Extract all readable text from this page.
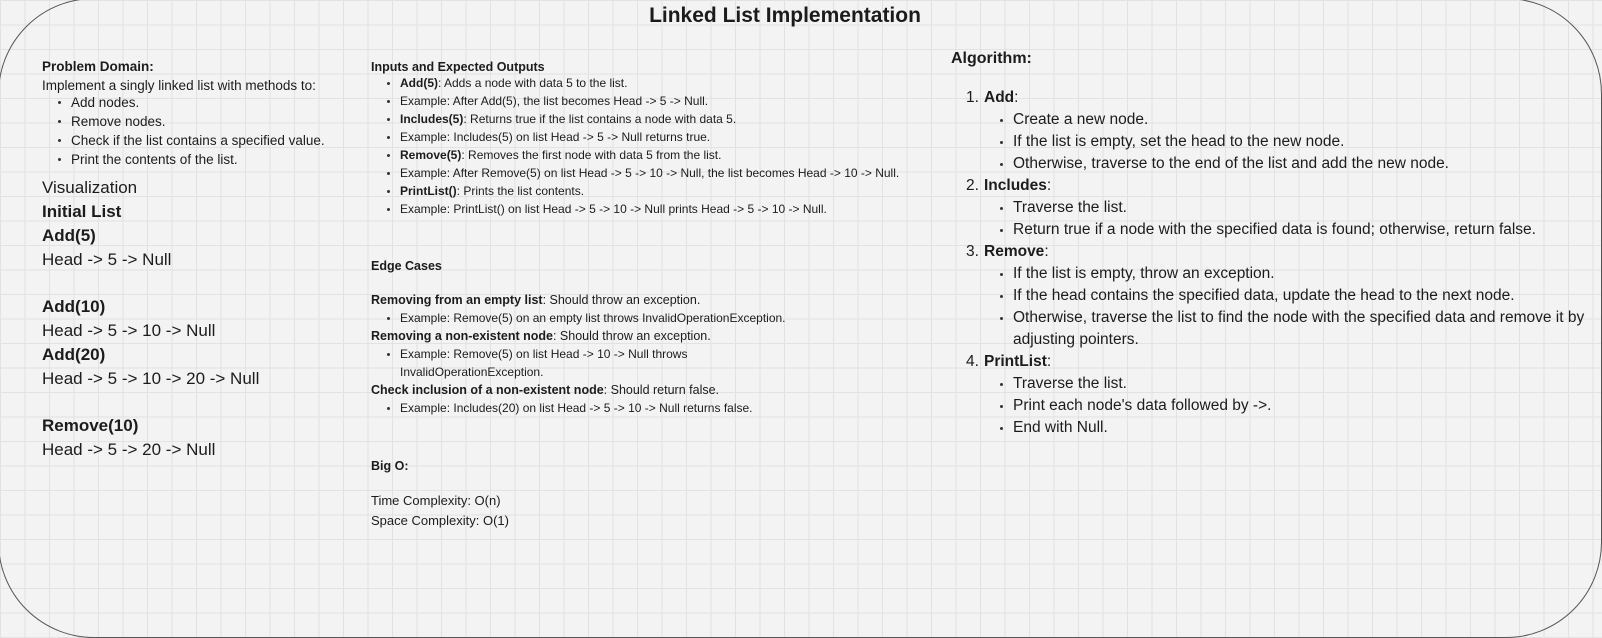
Linked List Implementation

Problem Domain:

Implement a singly linked list with methods to:

Add nodes.
Remove nodes.
Check if the list contains a specified value.
Print the contents of the list.
Visualization
Initial List
Add(5)
Head -> 5 -> Null
Add(10)
Head -> 5 -> 10 -> Null
Add(20)
Head -> 5 -> 10 -> 20 -> Null
Remove(10)
Head -> 5 -> 20 -> Null

Inputs and Expected Outputs

Add(5): Adds a node with data 5 to the list.
Example: After Add(5), the list becomes Head -> 5 -> Null.
Includes(5): Returns true if the list contains a node with data 5.
Example: Includes(5) on list Head -> 5 -> Null returns true.
Remove(5): Removes the first node with data 5 from the list.
Example: After Remove(5) on list Head -> 5 -> 10 -> Null, the list becomes Head -> 10 -> Null.
PrintList(): Prints the list contents.
Example: PrintList() on list Head -> 5 -> 10 -> Null prints Head -> 5 -> 10 -> Null.

Edge Cases

Removing from an empty list: Should throw an exception.
Example: Remove(5) on an empty list throws InvalidOperationException.
Removing a non-existent node: Should throw an exception.
Example: Remove(5) on list Head -> 10 -> Null throws InvalidOperationException.
Check inclusion of a non-existent node: Should return false.
Example: Includes(20) on list Head -> 5 -> 10 -> Null returns false.

Big O:

Time Complexity: O(n)
Space Complexity: O(1)

Algorithm:

1. Add:
Create a new node.
If the list is empty, set the head to the new node.
Otherwise, traverse to the end of the list and add the new node.
2. Includes:
Traverse the list.
Return true if a node with the specified data is found; otherwise, return false.
3. Remove:
If the list is empty, throw an exception.
If the head contains the specified data, update the head to the next node.
Otherwise, traverse the list to find the node with the specified data and remove it by adjusting pointers.
4. PrintList:
Traverse the list.
Print each node's data followed by ->.
End with Null.
